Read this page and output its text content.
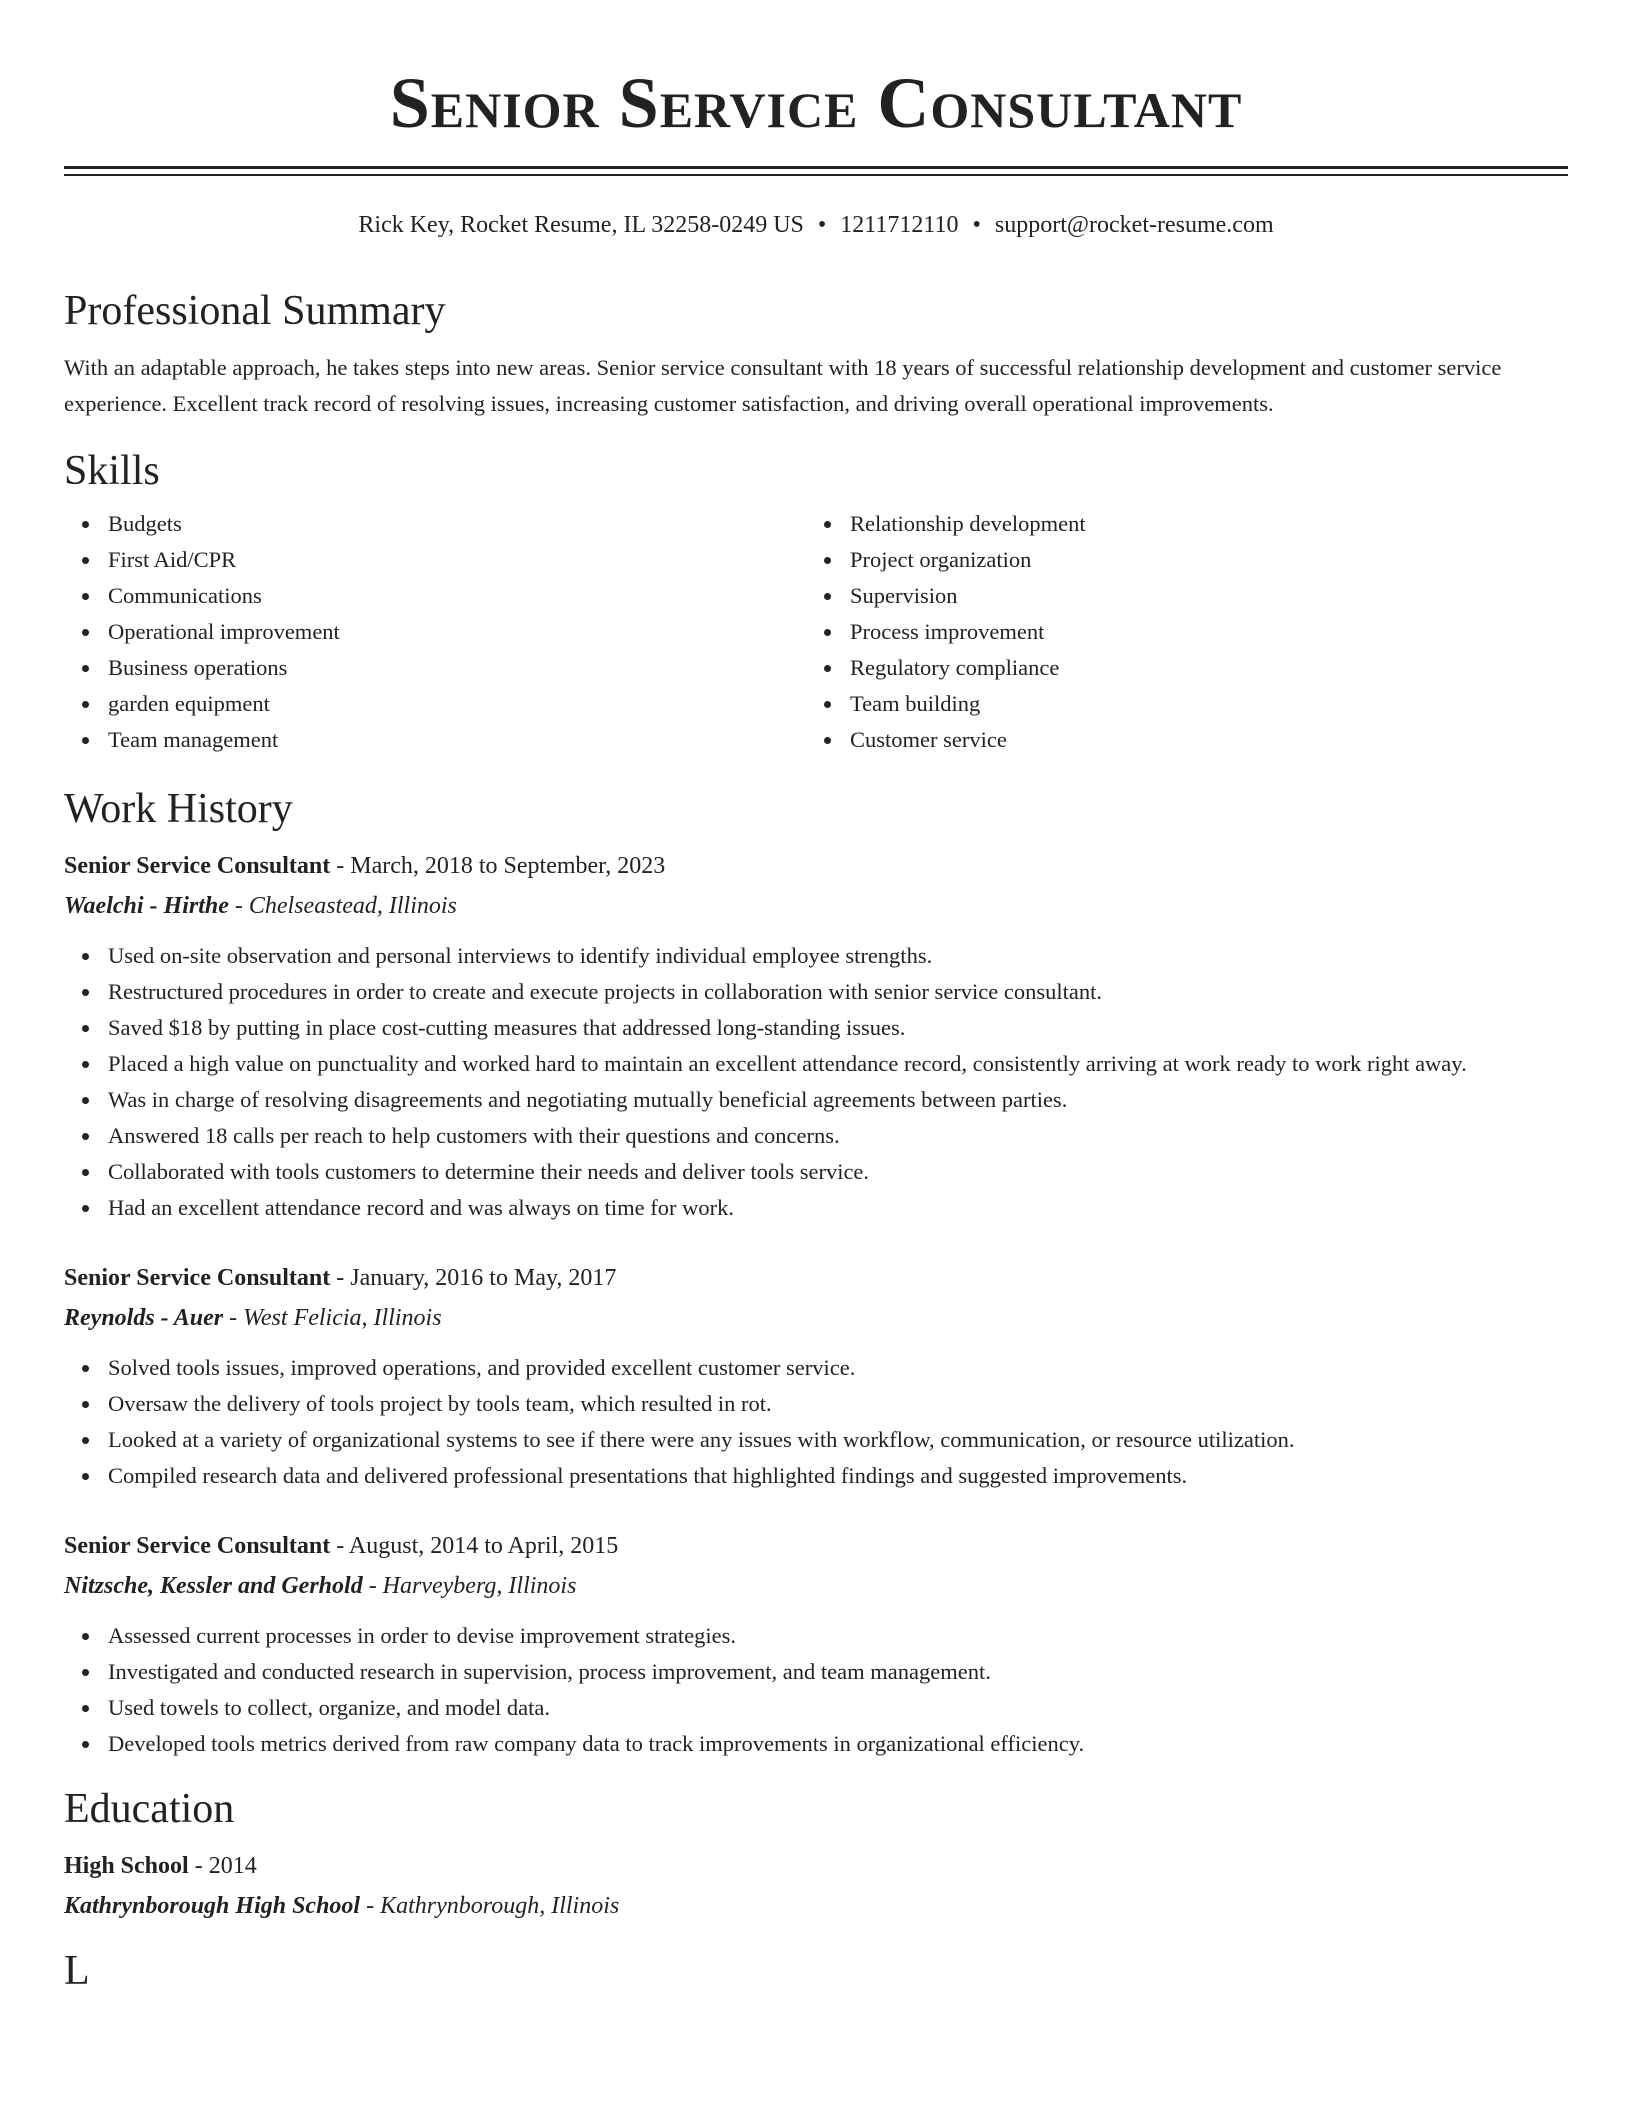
Senior Service Consultant
Rick Key, Rocket Resume, IL 32258-0249 US • 1211712110 • support@rocket-resume.com
Professional Summary

With an adaptable approach, he takes steps into new areas. Senior service consultant with 18 years of successful relationship development and customer service experience. Excellent track record of resolving issues, increasing customer satisfaction, and driving overall operational improvements.

Skills
Budgets
First Aid/CPR
Communications
Operational improvement
Business operations
garden equipment
Team management
Relationship development
Project organization
Supervision
Process improvement
Regulatory compliance
Team building
Customer service
Work History
Senior Service Consultant - March, 2018 to September, 2023
Waelchi - Hirthe - Chelseastead, Illinois
Used on-site observation and personal interviews to identify individual employee strengths.
Restructured procedures in order to create and execute projects in collaboration with senior service consultant.
Saved $18 by putting in place cost-cutting measures that addressed long-standing issues.
Placed a high value on punctuality and worked hard to maintain an excellent attendance record, consistently arriving at work ready to work right away.
Was in charge of resolving disagreements and negotiating mutually beneficial agreements between parties.
Answered 18 calls per reach to help customers with their questions and concerns.
Collaborated with tools customers to determine their needs and deliver tools service.
Had an excellent attendance record and was always on time for work.
Senior Service Consultant - January, 2016 to May, 2017
Reynolds - Auer - West Felicia, Illinois
Solved tools issues, improved operations, and provided excellent customer service.
Oversaw the delivery of tools project by tools team, which resulted in rot.
Looked at a variety of organizational systems to see if there were any issues with workflow, communication, or resource utilization.
Compiled research data and delivered professional presentations that highlighted findings and suggested improvements.
Senior Service Consultant - August, 2014 to April, 2015
Nitzsche, Kessler and Gerhold - Harveyberg, Illinois
Assessed current processes in order to devise improvement strategies.
Investigated and conducted research in supervision, process improvement, and team management.
Used towels to collect, organize, and model data.
Developed tools metrics derived from raw company data to track improvements in organizational efficiency.
Education
High School - 2014
Kathrynborough High School - Kathrynborough, Illinois
L
